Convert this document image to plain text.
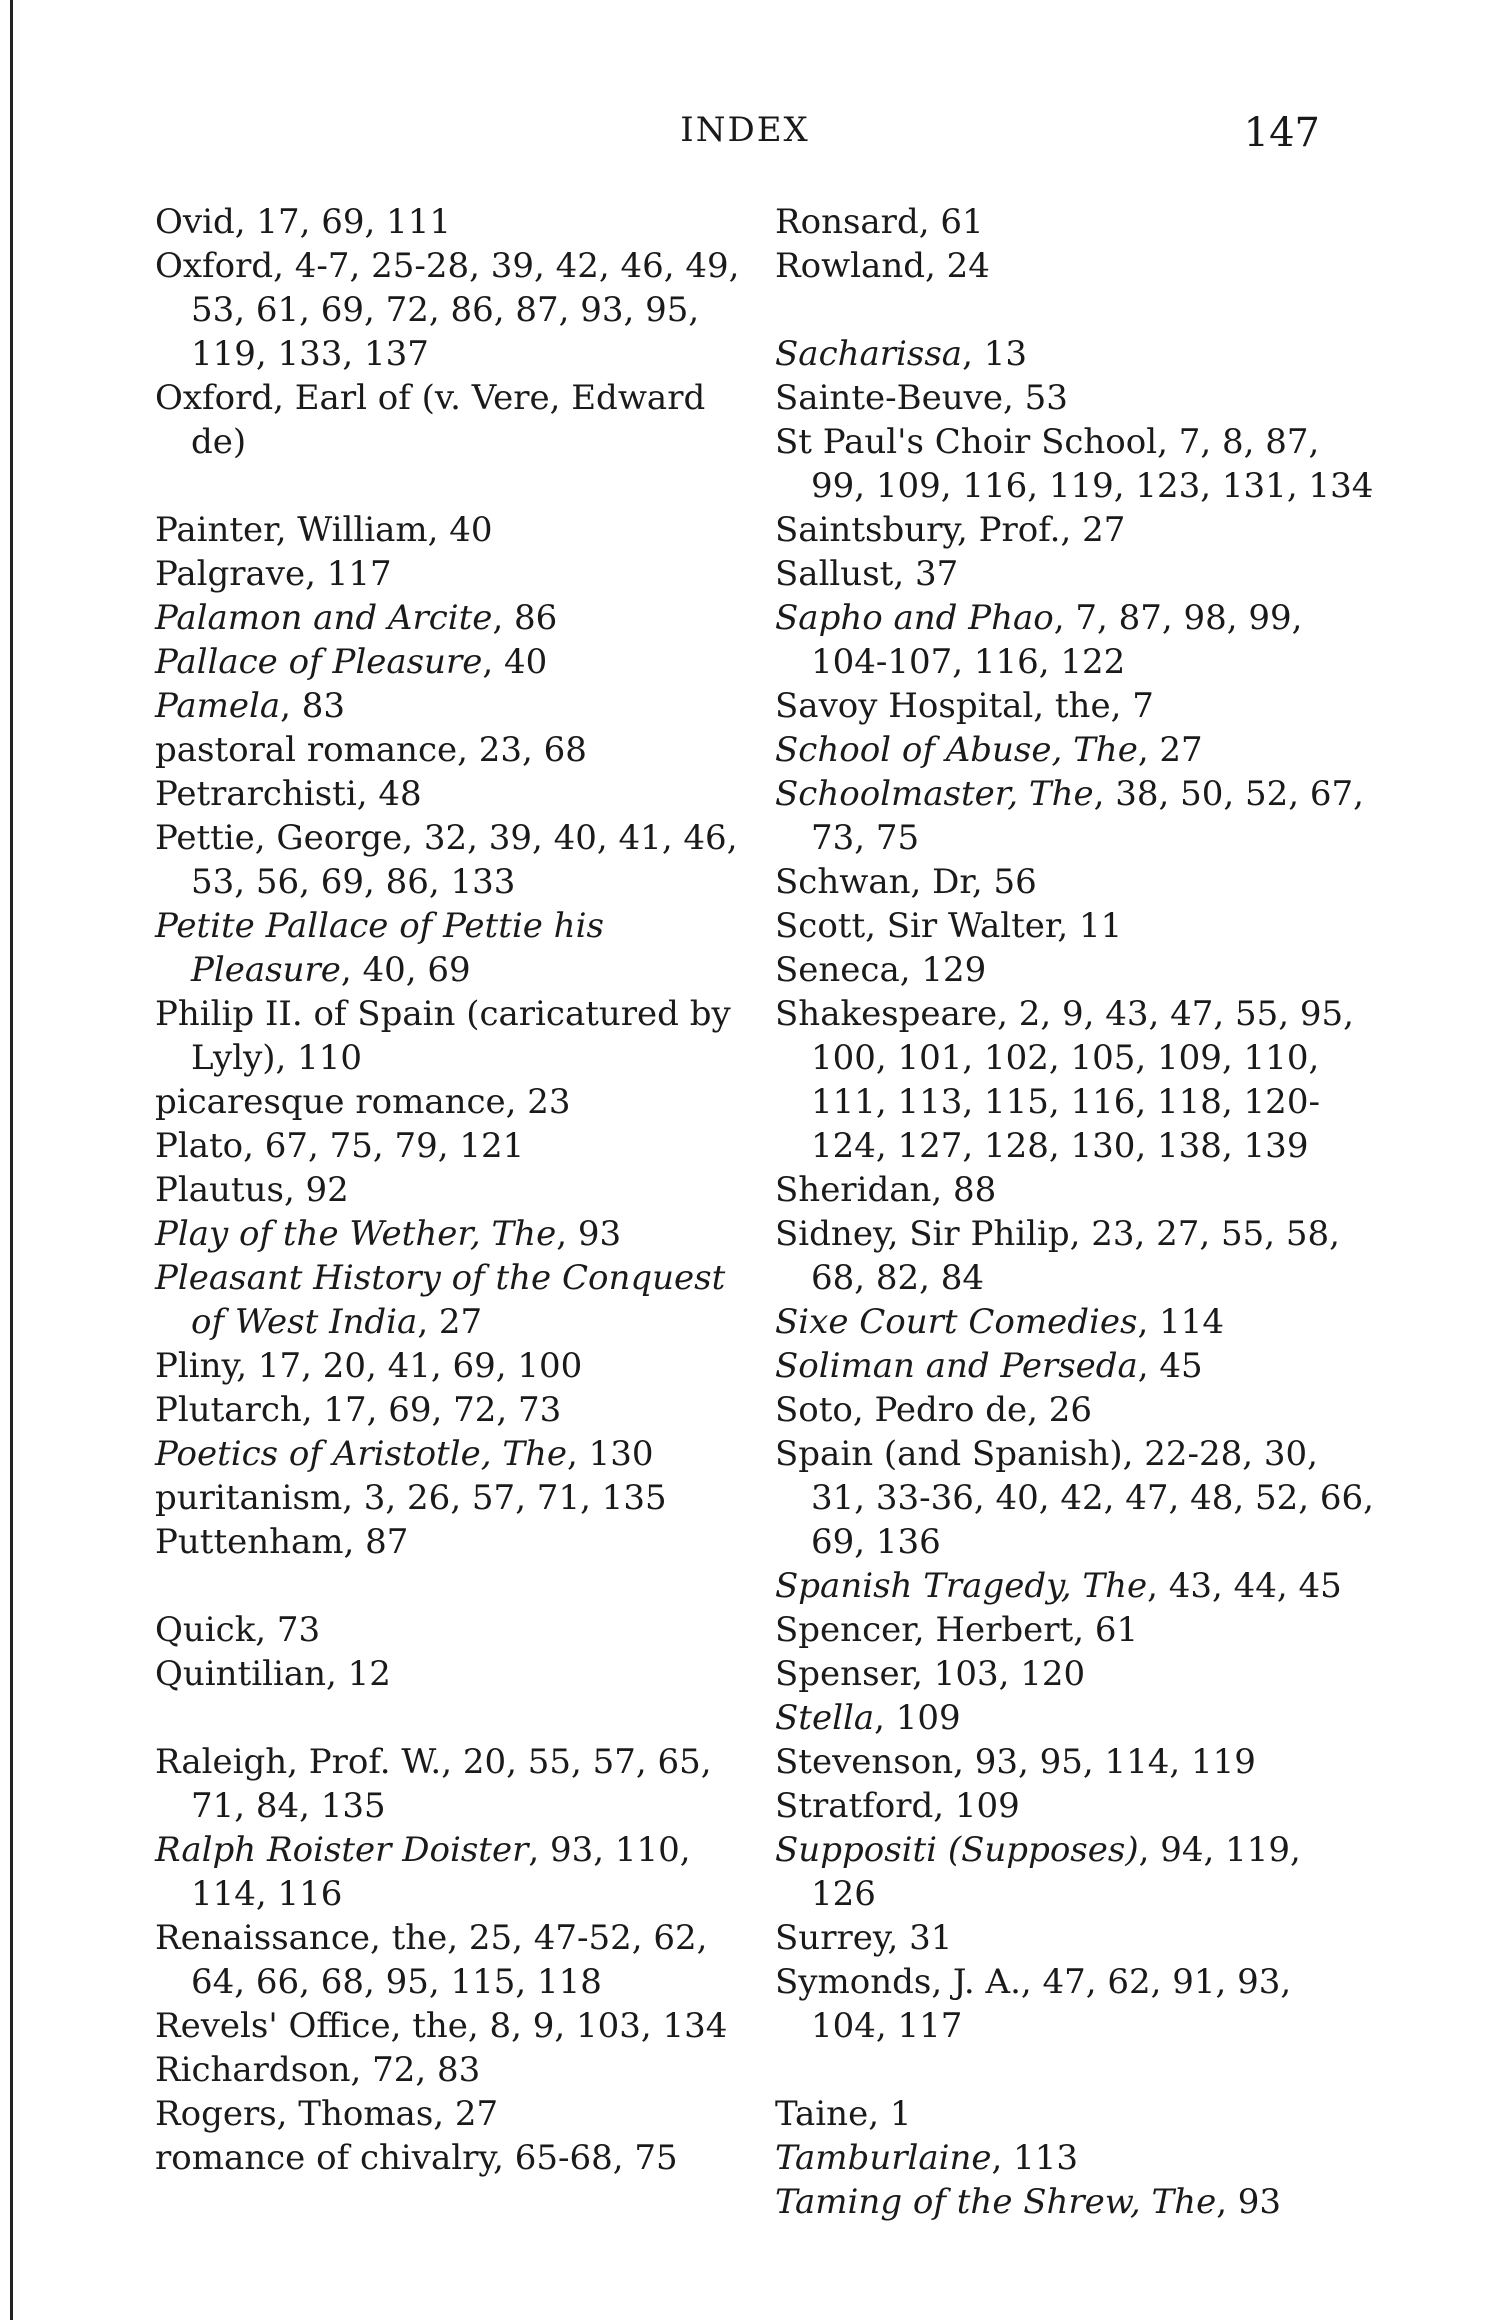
INDEX	147
Ovid, 17, 69, 111
Oxford, 4-7, 25-28, 39, 42, 46, 49, 53, 61, 69, 72, 86, 87, 93, 95, 119, 133, 137
Oxford, Earl of (v. Vere, Edward de)
Painter, William, 40
Palgrave, 117
Palamon and Arcite, 86
Pallace of Pleasure, 40
Pamela, 83
pastoral romance, 23, 68
Petrarchisti, 48
Pettie, George, 32, 39, 40, 41, 46, 53, 56, 69, 86, 133
Petite Pallace of Pettie his Pleasure, 40, 69
Philip II. of Spain (caricatured by Lyly), 110
picaresque romance, 23
Plato, 67, 75, 79, 121
Plautus, 92
Play of the Wether, The, 93
Pleasant History of the Conquest of West India, 27
Pliny, 17, 20, 41, 69, 100
Plutarch, 17, 69, 72, 73
Poetics of Aristotle, The, 130
puritanism, 3, 26, 57, 71, 135
Puttenham, 87
Quick, 73
Quintilian, 12
Raleigh, Prof. W., 20, 55, 57, 65, 71, 84, 135
Ralph Roister Doister, 93, 110, 114, 116
Renaissance, the, 25, 47-52, 62, 64, 66, 68, 95, 115, 118
Revels' Office, the, 8, 9, 103, 134
Richardson, 72, 83
Rogers, Thomas, 27
romance of chivalry, 65-68, 75
Ronsard, 61
Rowland, 24
Sacharissa, 13
Sainte-Beuve, 53
St Paul's Choir School, 7, 8, 87, 99, 109, 116, 119, 123, 131, 134
Saintsbury, Prof., 27
Sallust, 37
Sapho and Phao, 7, 87, 98, 99, 104-107, 116, 122
Savoy Hospital, the, 7
School of Abuse, The, 27
Schoolmaster, The, 38, 50, 52, 67, 73, 75
Schwan, Dr, 56
Scott, Sir Walter, 11
Seneca, 129
Shakespeare, 2, 9, 43, 47, 55, 95, 100, 101, 102, 105, 109, 110, 111, 113, 115, 116, 118, 120-124, 127, 128, 130, 138, 139
Sheridan, 88
Sidney, Sir Philip, 23, 27, 55, 58, 68, 82, 84
Sixe Court Comedies, 114
Soliman and Perseda, 45
Soto, Pedro de, 26
Spain (and Spanish), 22-28, 30, 31, 33-36, 40, 42, 47, 48, 52, 66, 69, 136
Spanish Tragedy, The, 43, 44, 45
Spencer, Herbert, 61
Spenser, 103, 120
Stella, 109
Stevenson, 93, 95, 114, 119
Stratford, 109
Suppositi (Supposes), 94, 119, 126
Surrey, 31
Symonds, J. A., 47, 62, 91, 93, 104, 117
Taine, 1
Tamburlaine, 113
Taming of the Shrew, The, 93
